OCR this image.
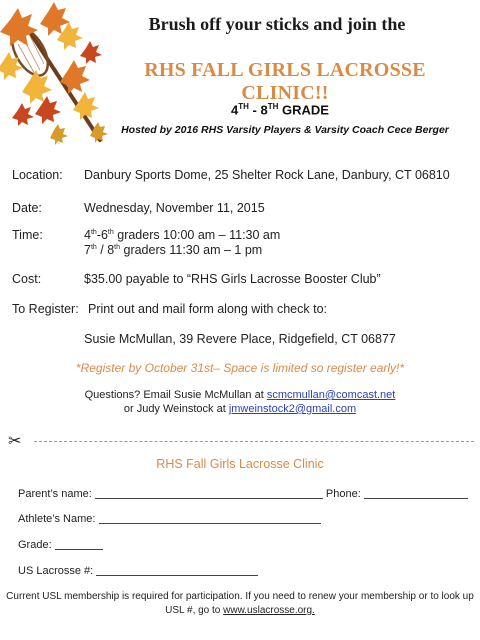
Brush off your sticks and join the
RHS FALL GIRLS LACROSSE CLINIC!!
4TH - 8TH GRADE
Hosted by 2016 RHS Varsity Players & Varsity Coach Cece Berger
Location: Danbury Sports Dome, 25 Shelter Rock Lane, Danbury, CT 06810
Date:	Wednesday, November 11, 2015
Time:	4th-6th graders 10:00 am – 11:30 am
7th / 8th graders 11:30 am – 1 pm
Cost:	$35.00 payable to “RHS Girls Lacrosse Booster Club”
To Register: Print out and mail form along with check to:
Susie McMullan, 39 Revere Place, Ridgefield, CT 06877
*Register by October 31st– Space is limited so register early!*
Questions? Email Susie McMullan at scmcmullan@comcast.net
or Judy Weinstock at jmweinstock2@gmail.com
✂
RHS Fall Girls Lacrosse Clinic
Parent’s name:	Phone:
Athlete’s Name:
Grade:
US Lacrosse #:
Current USL membership is required for participation. If you need to renew your membership or to look up
USL #, go to www.uslacrosse.org.
